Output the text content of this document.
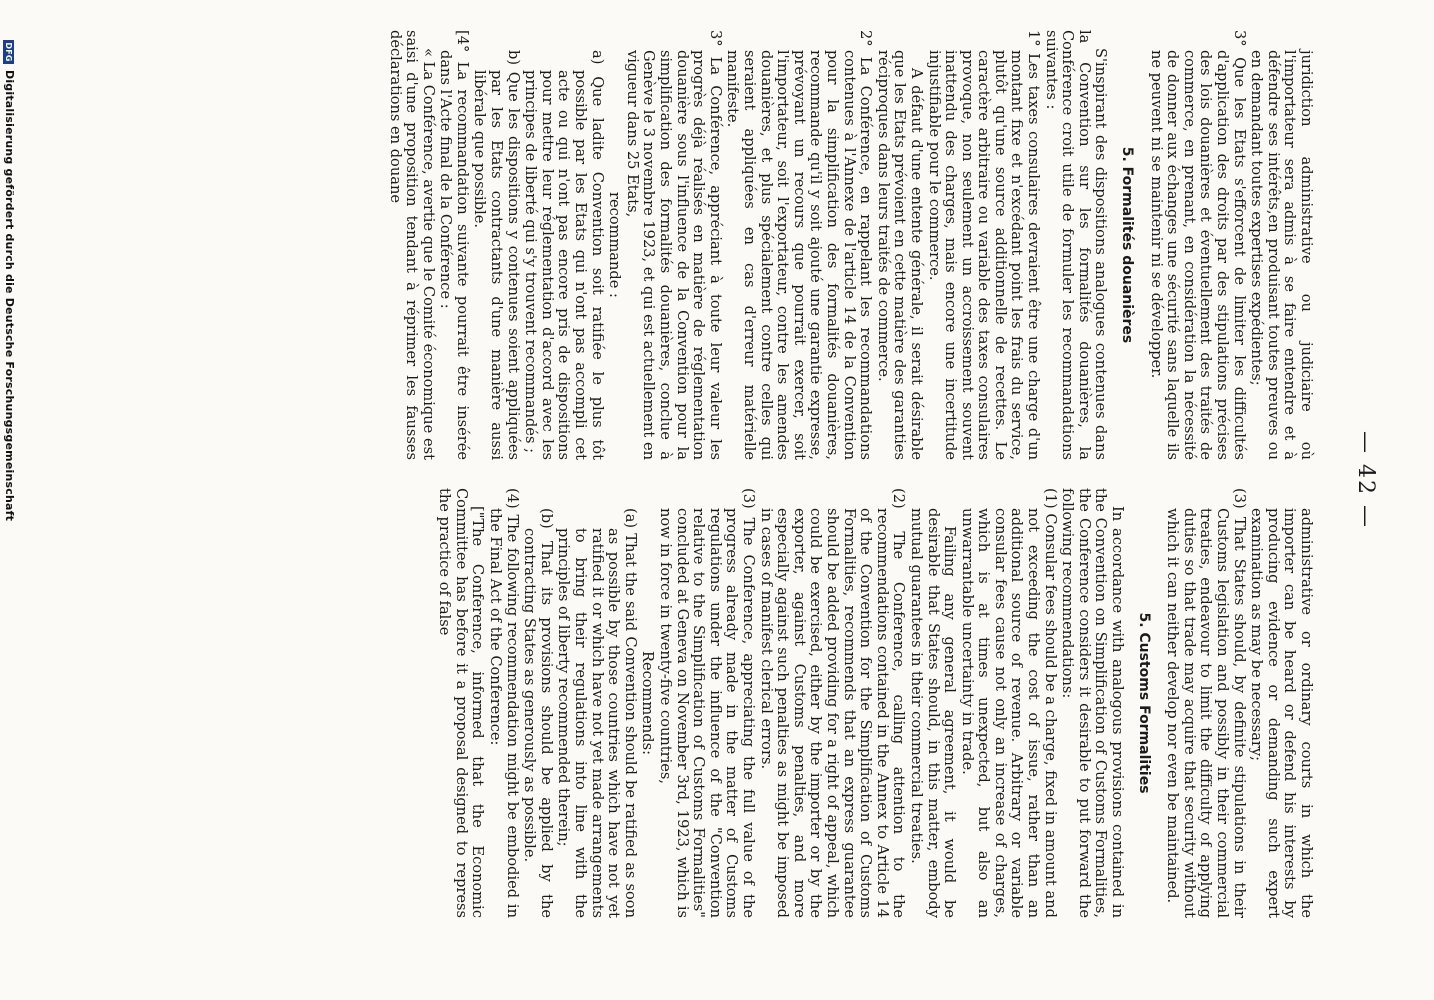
— 42 —

juridiction administrative ou judiciaire où l'importateur sera admis à se faire entendre et à défendre ses intérêts,en produisant toutes preuves ou en demandant toutes expertises expédientes;

3° Que les Etats s'efforcent de limiter les difficultés d'application des droits par des stipulations précises des lois douanières et éventuellement des traités de commerce, en prenant, en considération la nécessité de donner aux échanges une sécurité sans laquelle ils ne peuvent ni se maintenir ni se développer.

5. Formalités douanières

S'inspirant des dispositions analogues contenues dans la Convention sur les formalités douanières, la Conférence croit utile de formuler les recommandations suivantes :

1° Les taxes consulaires devraient être une charge d'un montant fixe et n'excédant point les frais du service, plutôt qu'une source additionnelle de recettes. Le caractère arbitraire ou variable des taxes consulaires provoque, non seulement un accroissement souvent inattendu des charges, mais encore une incertitude injustifiable pour le commerce.

A défaut d'une entente générale, il serait désirable que les Etats prévoient en cette matière des garanties réciproques dans leurs traités de commerce.

2° La Conférence, en rappelant les recommandations contenues à l'Annexe de l'article 14 de la Convention pour la simplification des formalités douanières, recommande qu'il y soit ajouté une garantie expresse, prévoyant un recours que pourrait exercer, soit l'importateur, soit l'exportateur, contre les amendes douanières, et plus spécialement contre celles qui seraient appliquées en cas d'erreur matérielle manifeste.

3° La Conférence, appréciant à toute leur valeur les progrès déjà réalisés en matière de réglementation douanière sous l'influence de la Convention pour la simplification des formalités douanières, conclue à Genève le 3 novembre 1923, et qui est actuellement en vigueur dans 25 Etats,

recommande :

a) Que ladite Convention soit ratifiée le plus tôt possible par les Etats qui n'ont pas accompli cet acte ou qui n'ont pas encore pris de dispositions pour mettre leur réglementation d'accord avec les principes de liberté qui s'y trouvent recommandés ;

b) Que les dispositions y contenues soient appliquées par les Etats contractants d'une manière aussi libérale que possible.

[4° La recommandation suivante pourrait être insérée dans l'Acte final de la Conférence :

« La Conférence, avertie que le Comité économique est saisi d'une proposition tendant à réprimer les fausses déclarations en douane

administrative or ordinary courts in which the importer can be heard or defend his interests by producing evidence or demanding such expert examination as may be necessary;

(3) That States should, by definite stipulations in their Customs legislation and possibly in their commercial treaties, endeavour to limit the difficulty of applying duties so that trade may acquire that security without which it can neither develop nor even be maintained.

5. Customs Formalities

In accordance with analogous provisions contained in the Convention on Simplification of Customs Formalities, the Conference considers it desirable to put forward the following recommendations:

(1) Consular fees should be a charge, fixed in amount and not exceeding the cost of issue, rather than an additional source of revenue. Arbitrary or variable consular fees cause not only an increase of charges, which is at times unexpected, but also an unwarrantable uncertainty in trade.

Failing any general agreement, it would be desirable that States should, in this matter, embody mutual guarantees in their commercial treaties.

(2) The Conference, calling attention to the recommendations contained in the Annex to Article 14 of the Convention for the Simplification of Customs Formalities, recommends that an express guarantee should be added providing for a right of appeal, which could be exercised, either by the importer or by the exporter, against Customs penalties, and more especially against such penalties as might be imposed in cases of manifest clerical errors.

(3) The Conference, appreciating the full value of the progress already made in the matter of Customs regulations under the influence of the "Convention relative to the Simplification of Customs Formalities" concluded at Geneva on November 3rd, 1923, which is now in force in twenty-five countries,

Recommends:

(a) That the said Convention should be ratified as soon as possible by those countries which have not yet ratified it or which have not yet made arrangements to bring their regulations into line with the principles of liberty recommended therein;

(b) That its provisions should be applied by the contracting States as generously as possible.

(4) The following recommendation might be embodied in the Final Act of the Conference:

["The Conference, informed that the Economic Committee has before it a proposal designed to repress the practice of false

DFGDigitalisierung gefördert durch die Deutsche Forschungsgemeinschaft
